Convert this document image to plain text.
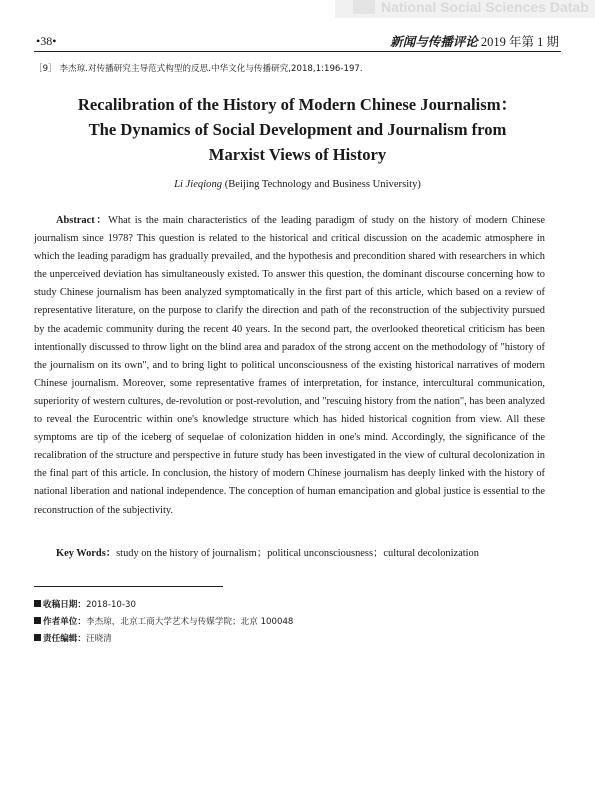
National Social Sciences Datab
•38•	新闻与传播评论 2019 年第 1 期
［9］ 李杰琼.对传播研究主导范式构型的反思.中华文化与传播研究,2018,1:196-197.
Recalibration of the History of Modern Chinese Journalism：
The Dynamics of Social Development and Journalism from
Marxist Views of History
Li Jieqiong (Beijing Technology and Business University)

Abstract：What is the main characteristics of the leading paradigm of study on the history of modern Chinese journalism since 1978? This question is related to the historical and critical discussion on the academic atmosphere in which the leading paradigm has gradually prevailed, and the hypothesis and precondition shared with researchers in which the unperceived deviation has simultaneously existed. To answer this question, the dominant discourse concerning how to study Chinese journalism has been analyzed symptomatically in the first part of this article, which based on a review of representative literature, on the purpose to clarify the direction and path of the reconstruction of the subjectivity pursued by the academic community during the recent 40 years. In the second part, the overlooked theoretical criticism has been intentionally discussed to throw light on the blind area and paradox of the strong accent on the methodology of "history of the journalism on its own", and to bring light to political unconsciousness of the existing historical narratives of modern Chinese journalism. Moreover, some representative frames of interpretation, for instance, intercultural communication, superiority of western cultures, de-revolution or post-revolution, and "rescuing history from the nation", has been analyzed to reveal the Eurocentric within one's knowledge structure which has hided historical cognition from view. All these symptoms are tip of the iceberg of sequelae of colonization hidden in one's mind. Accordingly, the significance of the recalibration of the structure and perspective in future study has been investigated in the view of cultural decolonization in the final part of this article. In conclusion, the history of modern Chinese journalism has deeply linked with the history of national liberation and national independence. The conception of human emancipation and global justice is essential to the reconstruction of the subjectivity.

Key Words：study on the history of journalism；political unconsciousness；cultural decolonization
收稿日期：2018-10-30
作者单位：李杰琼，北京工商大学艺术与传媒学院；北京 100048
责任编辑：汪晓清
